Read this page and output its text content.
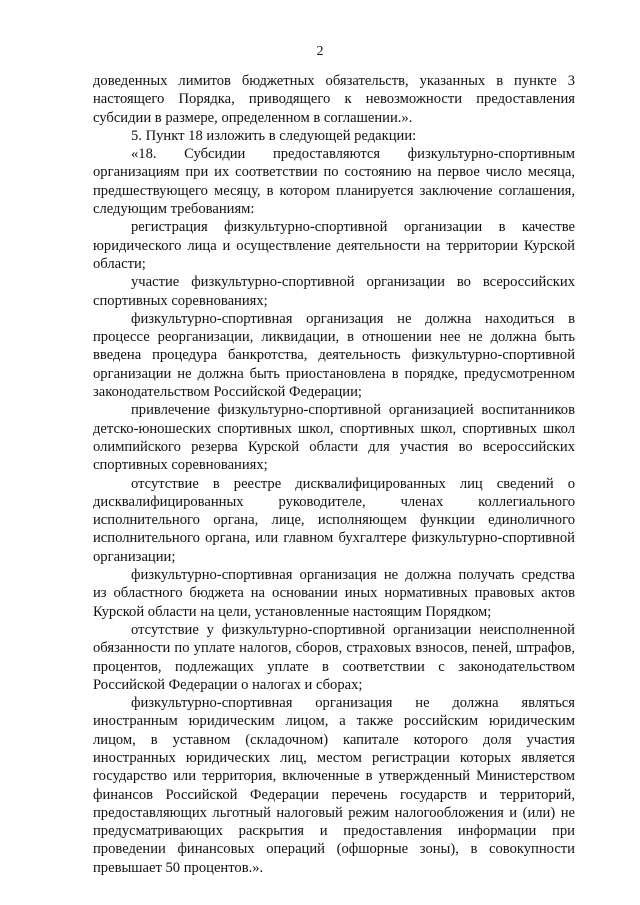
2

доведенных лимитов бюджетных обязательств, указанных в пункте 3 настоящего Порядка, приводящего к невозможности предоставления субсидии в размере, определенном в соглашении.».

5. Пункт 18 изложить в следующей редакции:

«18. Субсидии предоставляются физкультурно-спортивным организациям при их соответствии по состоянию на первое число месяца, предшествующего месяцу, в котором планируется заключение соглашения, следующим требованиям:

регистрация физкультурно-спортивной организации в качестве юридического лица и осуществление деятельности на территории Курской области;

участие физкультурно-спортивной организации во всероссийских спортивных соревнованиях;

физкультурно-спортивная организация не должна находиться в процессе реорганизации, ликвидации, в отношении нее не должна быть введена процедура банкротства, деятельность физкультурно-спортивной организации не должна быть приостановлена в порядке, предусмотренном законодательством Российской Федерации;

привлечение физкультурно-спортивной организацией воспитанников детско-юношеских спортивных школ, спортивных школ, спортивных школ олимпийского резерва Курской области для участия во всероссийских спортивных соревнованиях;

отсутствие в реестре дисквалифицированных лиц сведений о дисквалифицированных руководителе, членах коллегиального исполнительного органа, лице, исполняющем функции единоличного исполнительного органа, или главном бухгалтере физкультурно-спортивной организации;

физкультурно-спортивная организация не должна получать средства из областного бюджета на основании иных нормативных правовых актов Курской области на цели, установленные настоящим Порядком;

отсутствие у физкультурно-спортивной организации неисполненной обязанности по уплате налогов, сборов, страховых взносов, пеней, штрафов, процентов, подлежащих уплате в соответствии с законодательством Российской Федерации о налогах и сборах;

физкультурно-спортивная организация не должна являться иностранным юридическим лицом, а также российским юридическим лицом, в уставном (складочном) капитале которого доля участия иностранных юридических лиц, местом регистрации которых является государство или территория, включенные в утвержденный Министерством финансов Российской Федерации перечень государств и территорий, предоставляющих льготный налоговый режим налогообложения и (или) не предусматривающих раскрытия и предоставления информации при проведении финансовых операций (офшорные зоны), в совокупности превышает 50 процентов.».
